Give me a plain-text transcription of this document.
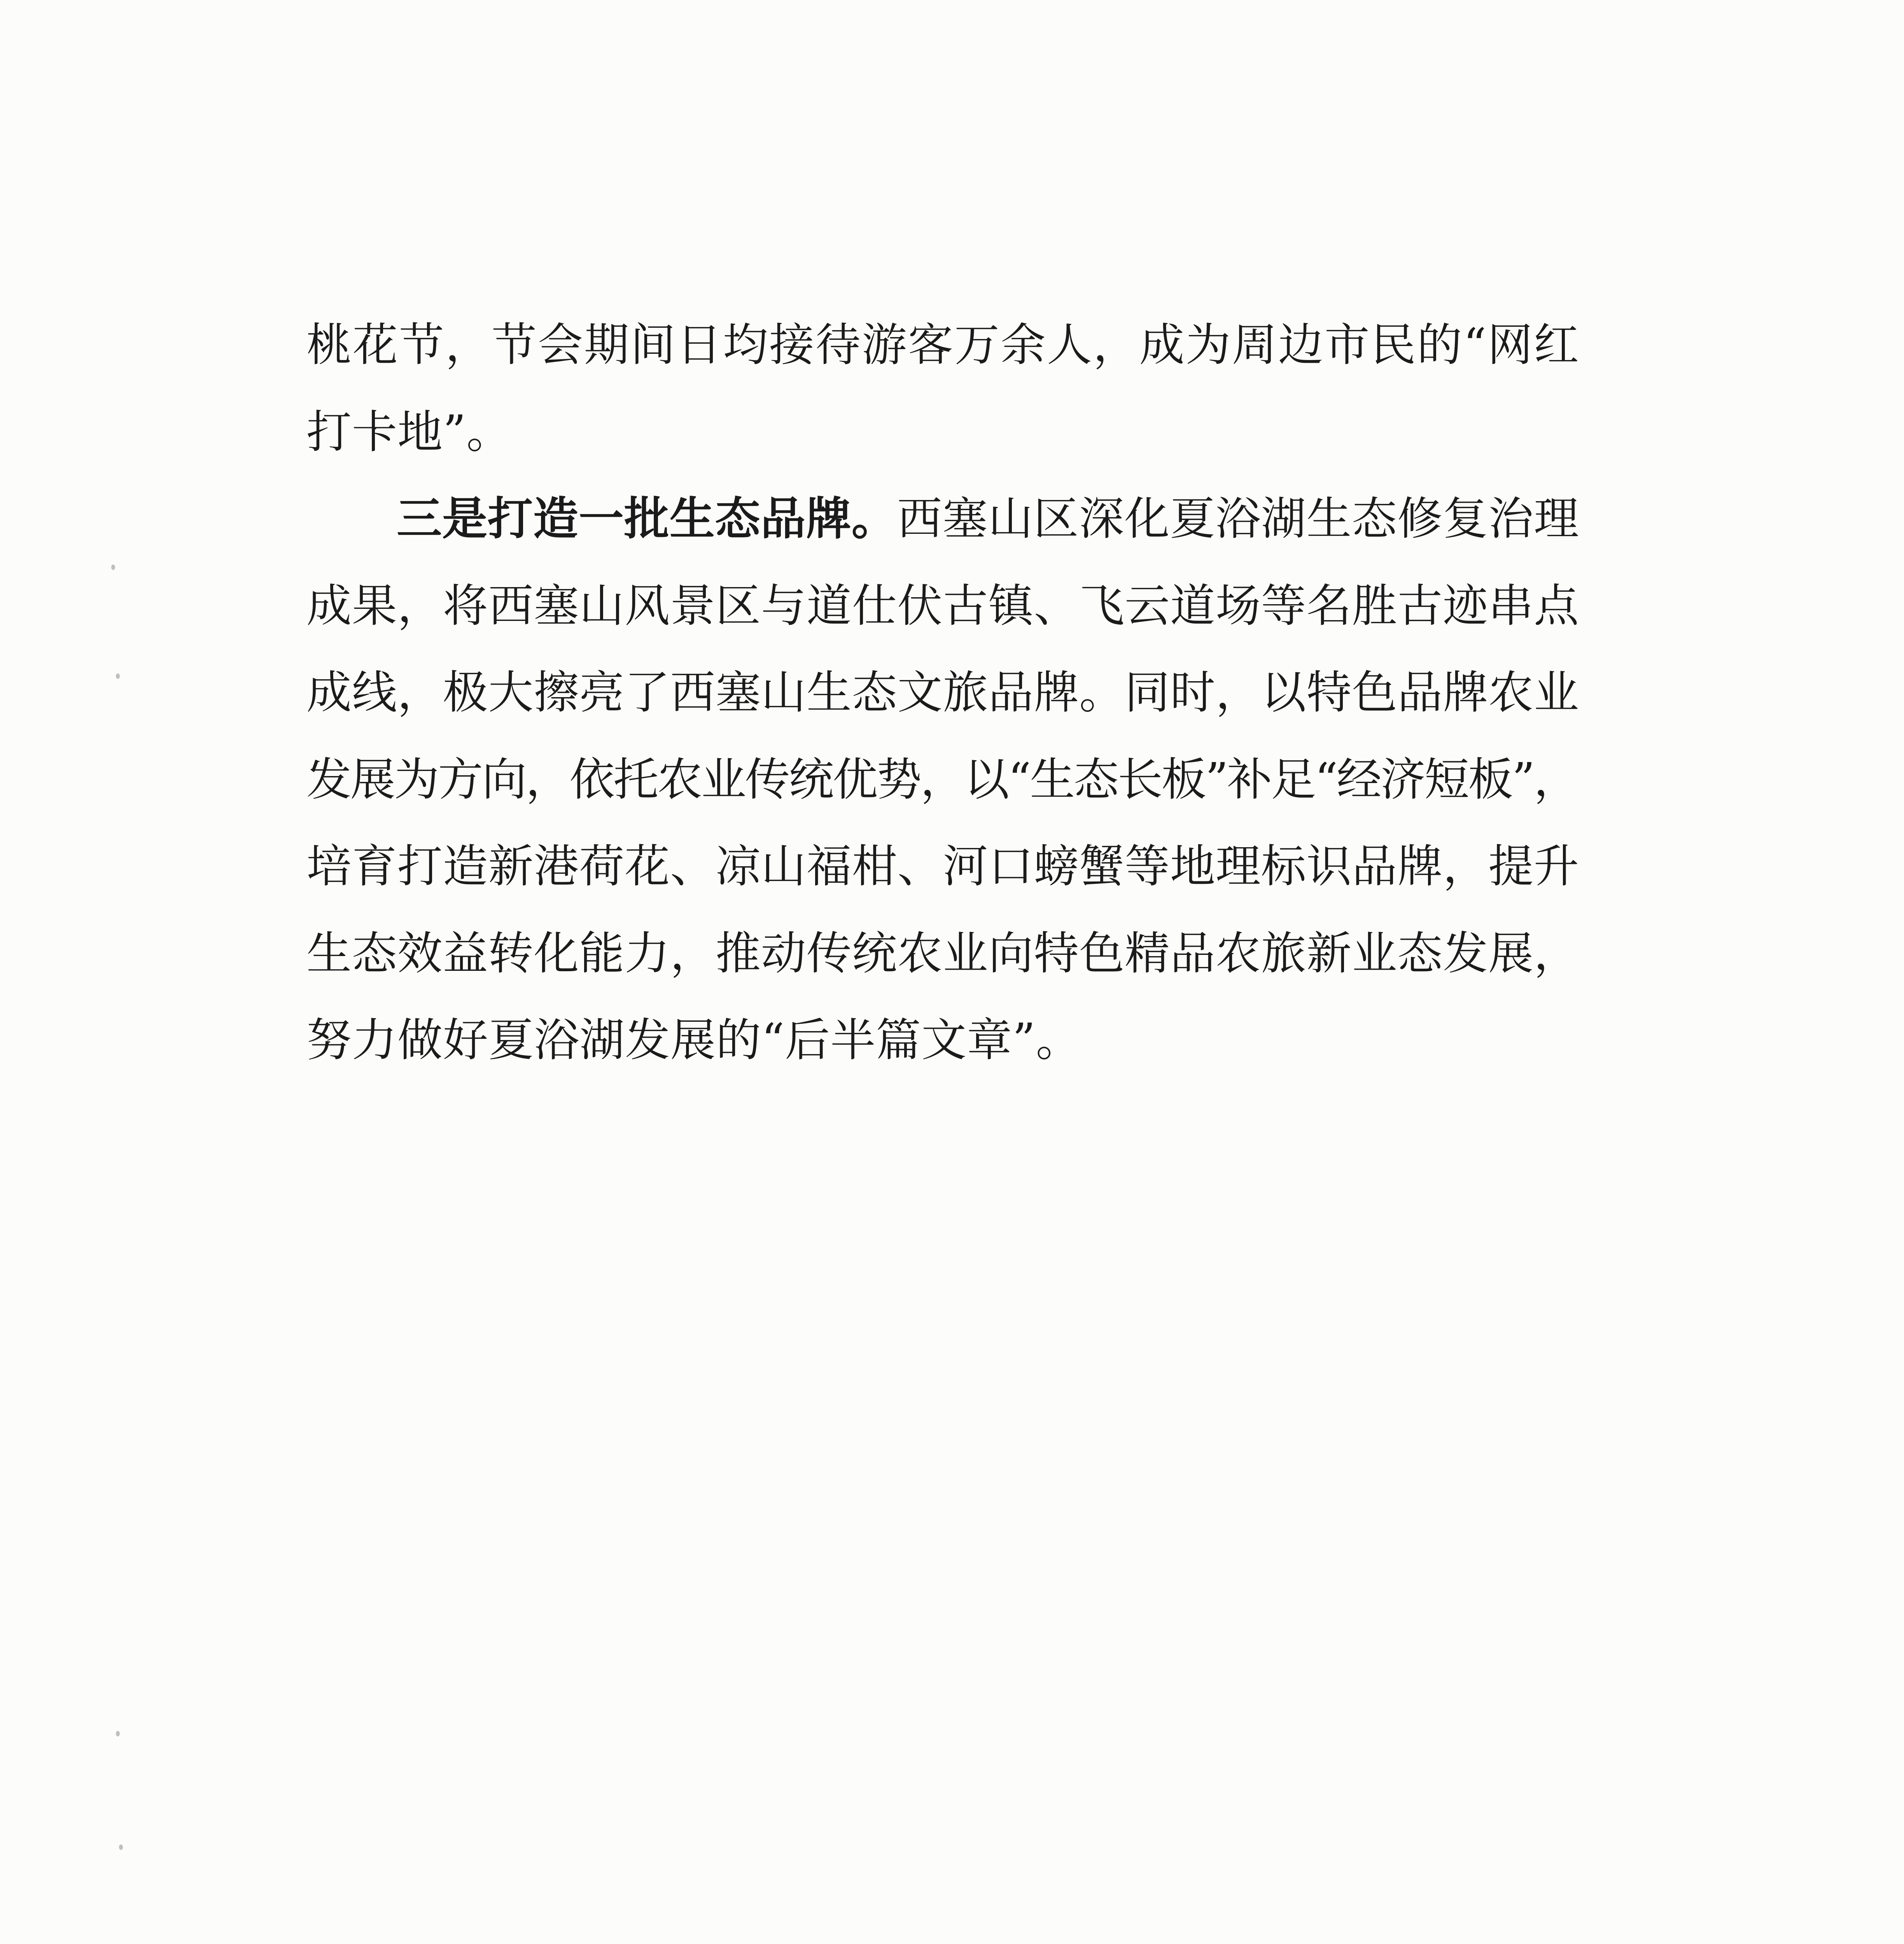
桃花节，节会期间日均接待游客万余人，成为周边市民的“网红
打卡地”。
三是打造一批生态品牌。西塞山区深化夏浴湖生态修复治理
成果，将西塞山风景区与道仕伏古镇、飞云道场等名胜古迹串点
成线，极大擦亮了西塞山生态文旅品牌。同时，以特色品牌农业
发展为方向，依托农业传统优势，以“生态长板”补足“经济短板”，
培育打造新港荷花、凉山福柑、河口螃蟹等地理标识品牌，提升
生态效益转化能力，推动传统农业向特色精品农旅新业态发展，
努力做好夏浴湖发展的“后半篇文章”。
